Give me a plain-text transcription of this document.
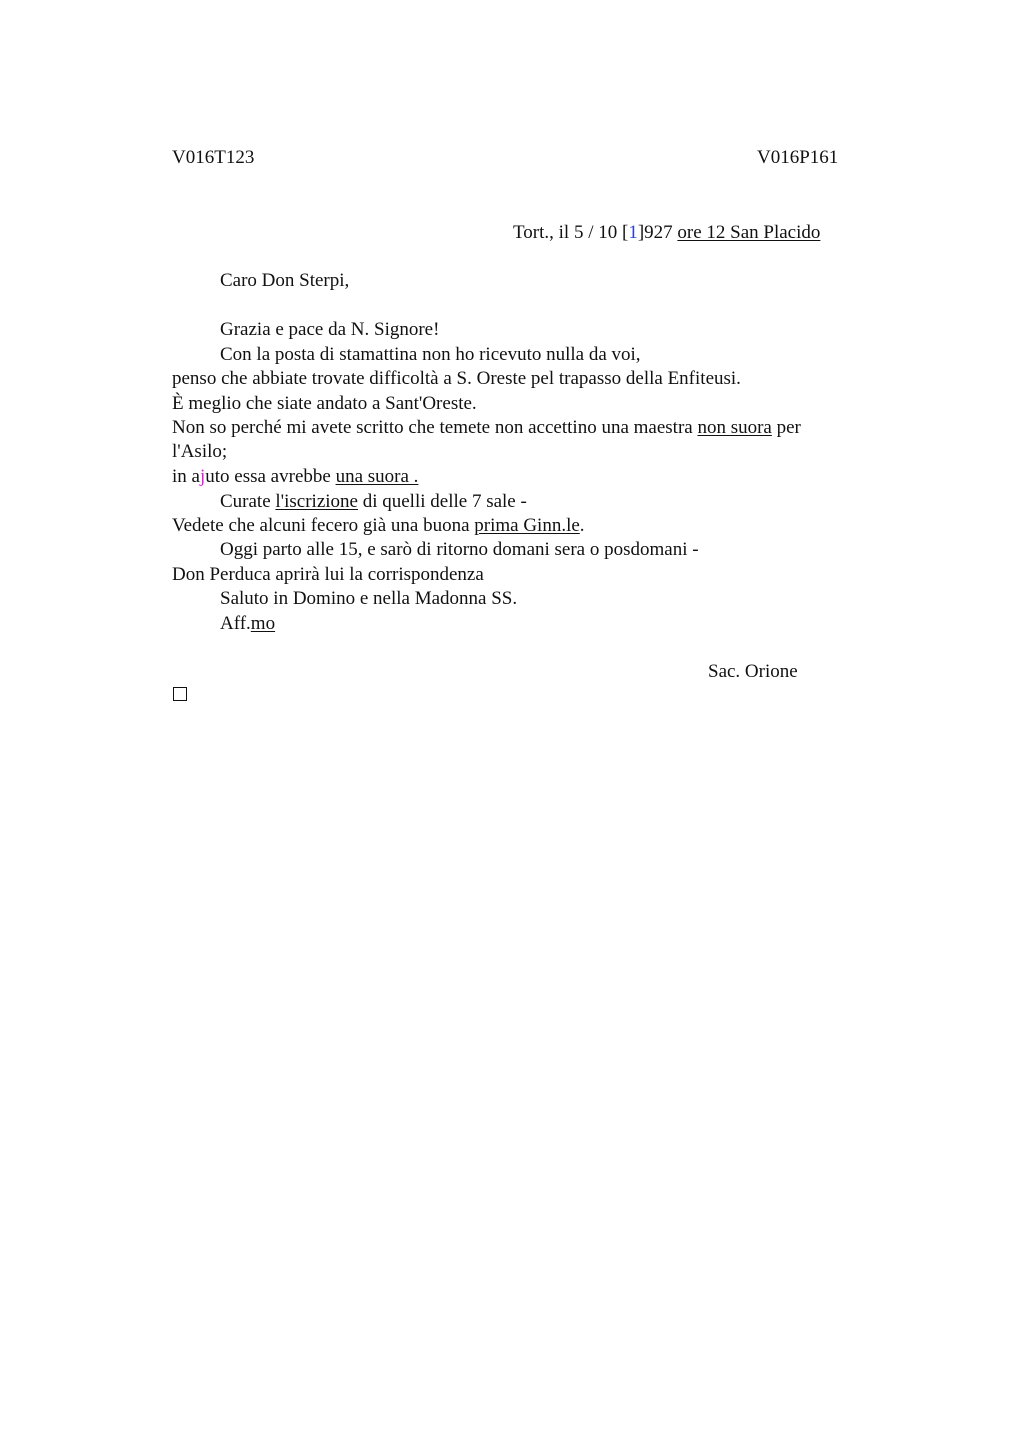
V016T123	V016P161
Tort., il 5 / 10 [1]927 ore 12 San Placido
Caro Don Sterpi,
Grazia e pace da N. Signore!
Con la posta di stamattina non ho ricevuto nulla da voi,
penso che abbiate trovate difficoltà a S. Oreste pel trapasso della Enfiteusi.
È meglio che siate andato a Sant'Oreste.
Non so perché mi avete scritto che temete non accettino una maestra non suora per
l'Asilo;
in ajuto essa avrebbe una suora .
Curate l'iscrizione di quelli delle 7 sale -
Vedete che alcuni fecero già una buona prima Ginn.le.
Oggi parto alle 15, e sarò di ritorno domani sera o posdomani -
Don Perduca aprirà lui la corrispondenza
Saluto in Domino e nella Madonna SS.
Aff.mo
Sac. Orione
